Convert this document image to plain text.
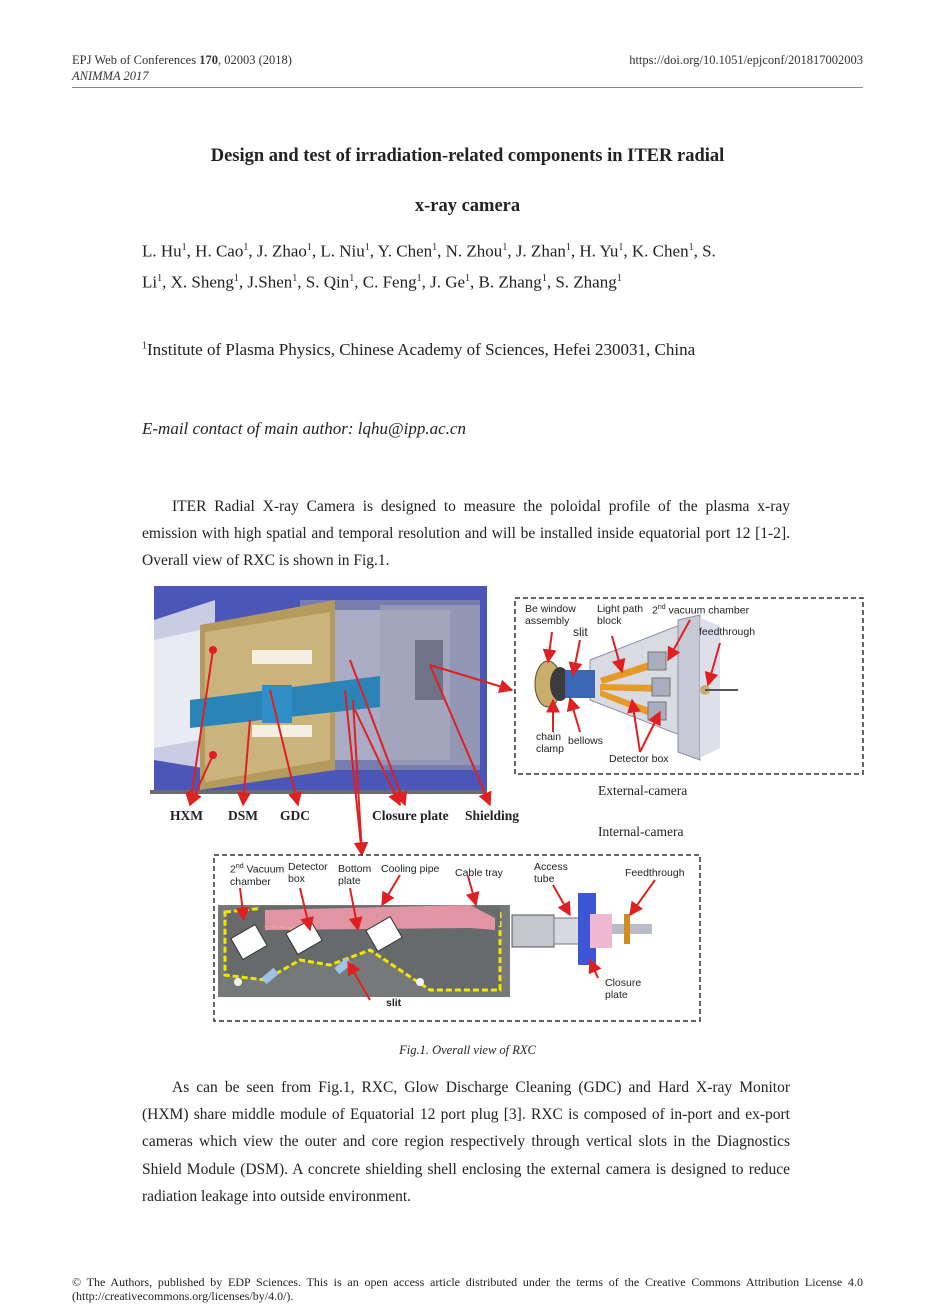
EPJ Web of Conferences 170, 02003 (2018)
ANIMMA 2017
https://doi.org/10.1051/epjconf/201817002003
Design and test of irradiation-related components in ITER radial
x-ray camera
L. Hu$^1$, H. Cao$^1$, J. Zhao$^1$, L. Niu$^1$, Y. Chen$^1$, N. Zhou$^1$, J. Zhan$^1$, H. Yu$^1$, K. Chen$^1$, S.
Li$^1$, X. Sheng$^1$, J.Shen$^1$, S. Qin$^1$, C. Feng$^1$, J. Ge$^1$, B. Zhang$^1$, S. Zhang$^1$
$^1$Institute of Plasma Physics, Chinese Academy of Sciences, Hefei 230031, China
E-mail contact of main author: lqhu@ipp.ac.cn
ITER Radial X-ray Camera is designed to measure the poloidal profile of the plasma x-ray emission with high spatial and temporal resolution and will be installed inside equatorial port 12 [1-2]. Overall view of RXC is shown in Fig.1.
HXM DSM GDC	Closure plate Shielding
Be window assembly
slit
Light path block
2nd vacuum chamber
feedthrough
chain clamp
bellows
Detector box
External-camera
Internal-camera
2nd Vacuum chamber
Detector box
Bottom plate
Cooling pipe Cable tray	Access tube	Feedthrough
slit
Closure plate
Fig.1. Overall view of RXC
As can be seen from Fig.1, RXC, Glow Discharge Cleaning (GDC) and Hard X-ray Monitor (HXM) share middle module of Equatorial 12 port plug [3]. RXC is composed of in-port and ex-port cameras which view the outer and core region respectively through vertical slots in the Diagnostics Shield Module (DSM). A concrete shielding shell enclosing the external camera is designed to reduce radiation leakage into outside environment.
© The Authors, published by EDP Sciences. This is an open access article distributed under the terms of the Creative Commons Attribution License 4.0 (http://creativecommons.org/licenses/by/4.0/).
